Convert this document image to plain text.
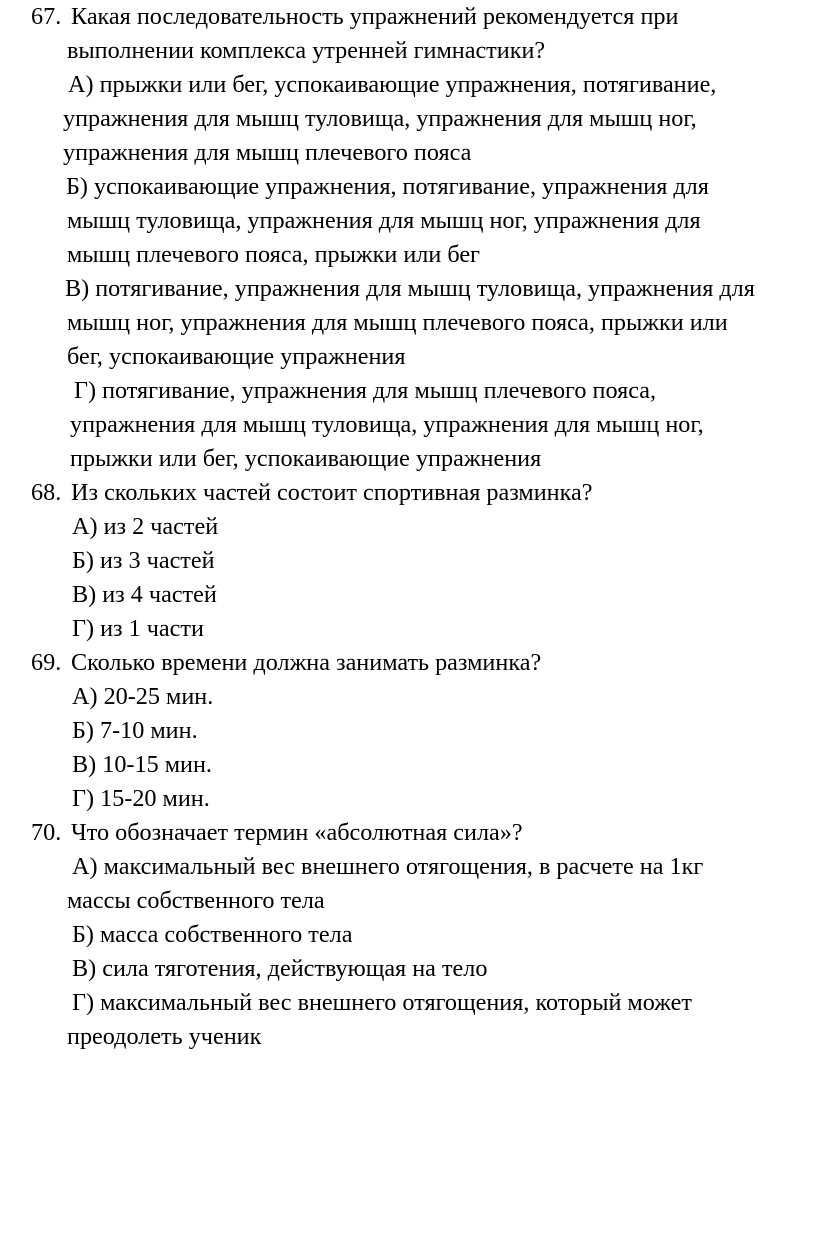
67. Какая последовательность упражнений рекомендуется при
выполнении комплекса утренней гимнастики?
А) прыжки или бег, успокаивающие упражнения, потягивание,
упражнения для мышц туловища, упражнения для мышц ног,
упражнения для мышц плечевого пояса
Б) успокаивающие упражнения, потягивание, упражнения для
мышц туловища, упражнения для мышц ног, упражнения для
мышц плечевого пояса, прыжки или бег
В) потягивание, упражнения для мышц туловища, упражнения для
мышц ног, упражнения для мышц плечевого пояса, прыжки или
бег, успокаивающие упражнения
Г) потягивание, упражнения для мышц плечевого пояса,
упражнения для мышц туловища, упражнения для мышц ног,
прыжки или бег, успокаивающие упражнения
68. Из скольких частей состоит спортивная разминка?
А) из 2 частей
Б) из 3 частей
В) из 4 частей
Г) из 1 части
69. Сколько времени должна занимать разминка?
А) 20-25 мин.
Б) 7-10 мин.
В) 10-15 мин.
Г) 15-20 мин.
70. Что обозначает термин «абсолютная сила»?
А) максимальный вес внешнего отягощения, в расчете на 1кг
массы собственного тела
Б) масса собственного тела
В) сила тяготения, действующая на тело
Г) максимальный вес внешнего отягощения, который может
преодолеть ученик
